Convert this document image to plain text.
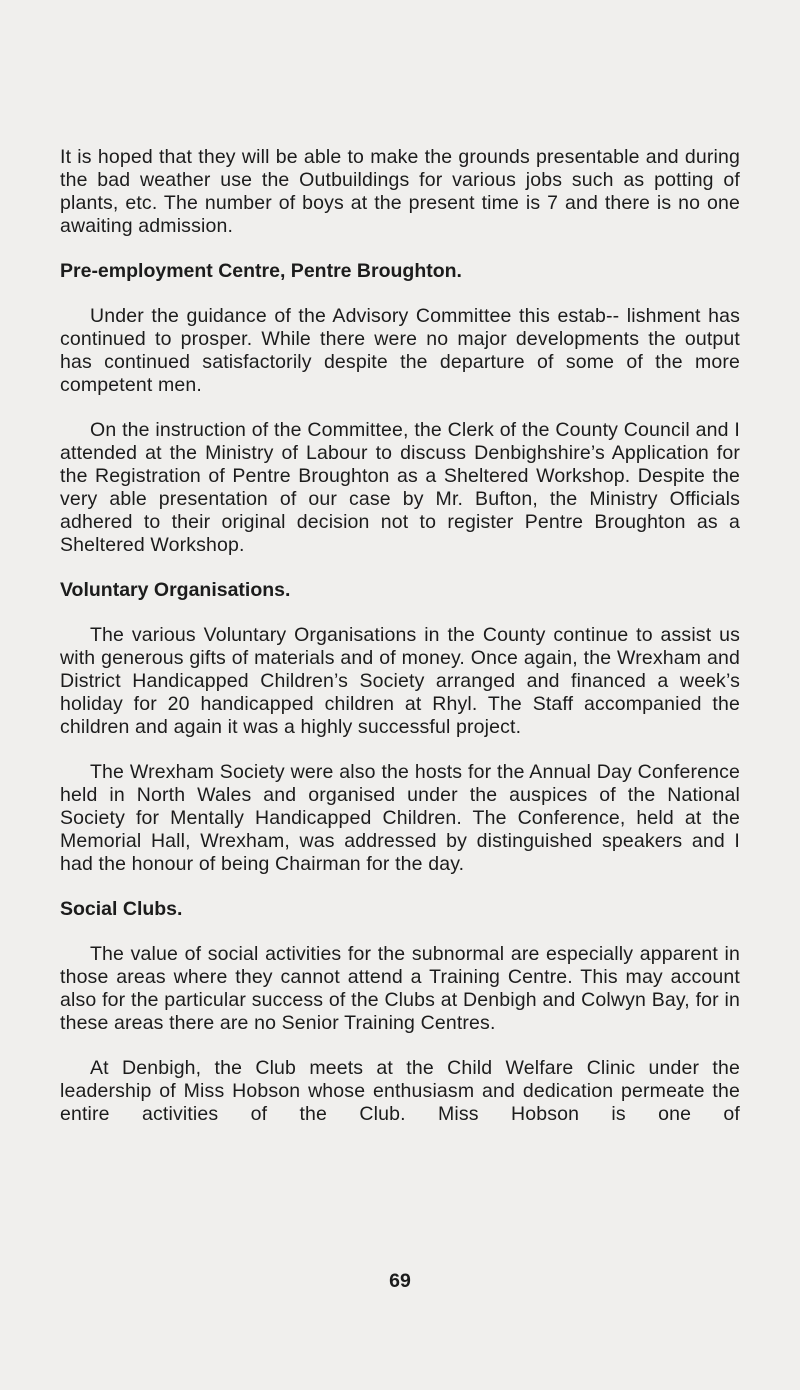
It is hoped that they will be able to make the grounds presentable and during the bad weather use the Outbuildings for various jobs such as potting of plants, etc. The number of boys at the present time is 7 and there is no one awaiting admission.

Pre-employment Centre, Pentre Broughton.

Under the guidance of the Advisory Committee this estab-- lishment has continued to prosper. While there were no major developments the output has continued satisfactorily despite the departure of some of the more competent men.

On the instruction of the Committee, the Clerk of the County Council and I attended at the Ministry of Labour to discuss Denbighshire’s Application for the Registration of Pentre Broughton as a Sheltered Workshop. Despite the very able presentation of our case by Mr. Bufton, the Ministry Officials adhered to their original decision not to register Pentre Broughton as a Sheltered Workshop.

Voluntary Organisations.

The various Voluntary Organisations in the County continue to assist us with generous gifts of materials and of money. Once again, the Wrexham and District Handicapped Children’s Society arranged and financed a week’s holiday for 20 handicapped children at Rhyl. The Staff accompanied the children and again it was a highly successful project.

The Wrexham Society were also the hosts for the Annual Day Conference held in North Wales and organised under the auspices of the National Society for Mentally Handicapped Children. The Conference, held at the Memorial Hall, Wrexham, was addressed by distinguished speakers and I had the honour of being Chairman for the day.

Social Clubs.

The value of social activities for the subnormal are especially apparent in those areas where they cannot attend a Training Centre. This may account also for the particular success of the Clubs at Denbigh and Colwyn Bay, for in these areas there are no Senior Training Centres.

At Denbigh, the Club meets at the Child Welfare Clinic under the leadership of Miss Hobson whose enthusiasm and dedication permeate the entire activities of the Club. Miss Hobson is one of

69
